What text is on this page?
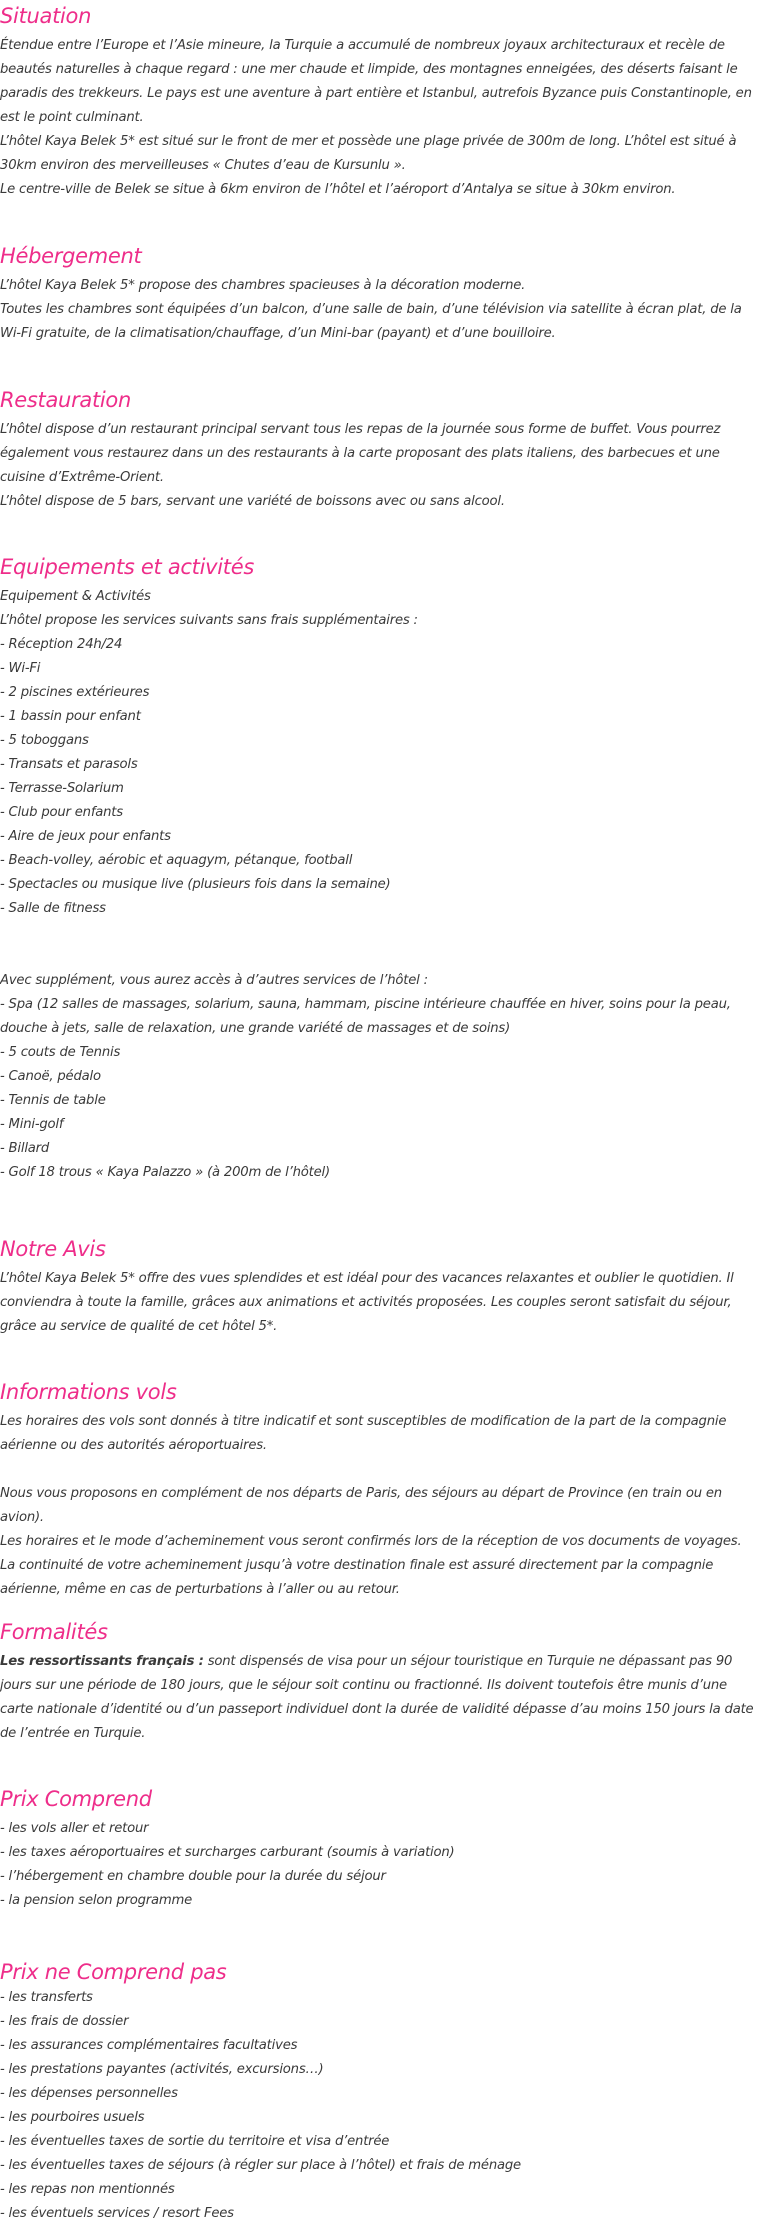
Situation
Étendue entre l’Europe et l’Asie mineure, la Turquie a accumulé de nombreux joyaux architecturaux et recèle de beautés naturelles à chaque regard : une mer chaude et limpide, des montagnes enneigées, des déserts faisant le paradis des trekkeurs. Le pays est une aventure à part entière et Istanbul, autrefois Byzance puis Constantinople, en est le point culminant.
L’hôtel Kaya Belek 5* est situé sur le front de mer et possède une plage privée de 300m de long. L’hôtel est situé à 30km environ des merveilleuses « Chutes d’eau de Kursunlu ».
Le centre-ville de Belek se situe à 6km environ de l’hôtel et l’aéroport d’Antalya se situe à 30km environ.
Hébergement
L’hôtel Kaya Belek 5* propose des chambres spacieuses à la décoration moderne.
Toutes les chambres sont équipées d’un balcon, d’une salle de bain, d’une télévision via satellite à écran plat, de la Wi-Fi gratuite, de la climatisation/chauffage, d’un Mini-bar (payant) et d’une bouilloire.
Restauration
L’hôtel dispose d’un restaurant principal servant tous les repas de la journée sous forme de buffet. Vous pourrez également vous restaurez dans un des restaurants à la carte proposant des plats italiens, des barbecues et une cuisine d’Extrême-Orient.
L’hôtel dispose de 5 bars, servant une variété de boissons avec ou sans alcool.
Equipements et activités
Equipement & Activités
L’hôtel propose les services suivants sans frais supplémentaires :
- Réception 24h/24
- Wi-Fi
- 2 piscines extérieures
- 1 bassin pour enfant
- 5 toboggans
- Transats et parasols
- Terrasse-Solarium
- Club pour enfants
- Aire de jeux pour enfants
- Beach-volley, aérobic et aquagym, pétanque, football
- Spectacles ou musique live (plusieurs fois dans la semaine)
- Salle de fitness
Avec supplément, vous aurez accès à d’autres services de l’hôtel :
- Spa (12 salles de massages, solarium, sauna, hammam, piscine intérieure chauffée en hiver, soins pour la peau, douche à jets, salle de relaxation, une grande variété de massages et de soins)
- 5 couts de Tennis
- Canoë, pédalo
- Tennis de table
- Mini-golf
- Billard
- Golf 18 trous « Kaya Palazzo » (à 200m de l’hôtel)
Notre Avis
L’hôtel Kaya Belek 5* offre des vues splendides et est idéal pour des vacances relaxantes et oublier le quotidien. Il conviendra à toute la famille, grâces aux animations et activités proposées. Les couples seront satisfait du séjour, grâce au service de qualité de cet hôtel 5*.
Informations vols
Les horaires des vols sont donnés à titre indicatif et sont susceptibles de modification de la part de la compagnie aérienne ou des autorités aéroportuaires.
Nous vous proposons en complément de nos départs de Paris, des séjours au départ de Province (en train ou en avion).
Les horaires et le mode d’acheminement vous seront confirmés lors de la réception de vos documents de voyages.
La continuité de votre acheminement jusqu’à votre destination finale est assuré directement par la compagnie aérienne, même en cas de perturbations à l’aller ou au retour.
Formalités
Les ressortissants français : sont dispensés de visa pour un séjour touristique en Turquie ne dépassant pas 90 jours sur une période de 180 jours, que le séjour soit continu ou fractionné. Ils doivent toutefois être munis d’une carte nationale d’identité ou d’un passeport individuel dont la durée de validité dépasse d’au moins 150 jours la date de l’entrée en Turquie.
Prix Comprend
- les vols aller et retour
- les taxes aéroportuaires et surcharges carburant (soumis à variation)
- l’hébergement en chambre double pour la durée du séjour
- la pension selon programme
Prix ne Comprend pas
- les transferts
- les frais de dossier
- les assurances complémentaires facultatives
- les prestations payantes (activités, excursions…)
- les dépenses personnelles
- les pourboires usuels
- les éventuelles taxes de sortie du territoire et visa d’entrée
- les éventuelles taxes de séjours (à régler sur place à l’hôtel) et frais de ménage
- les repas non mentionnés
- les éventuels services / resort Fees
